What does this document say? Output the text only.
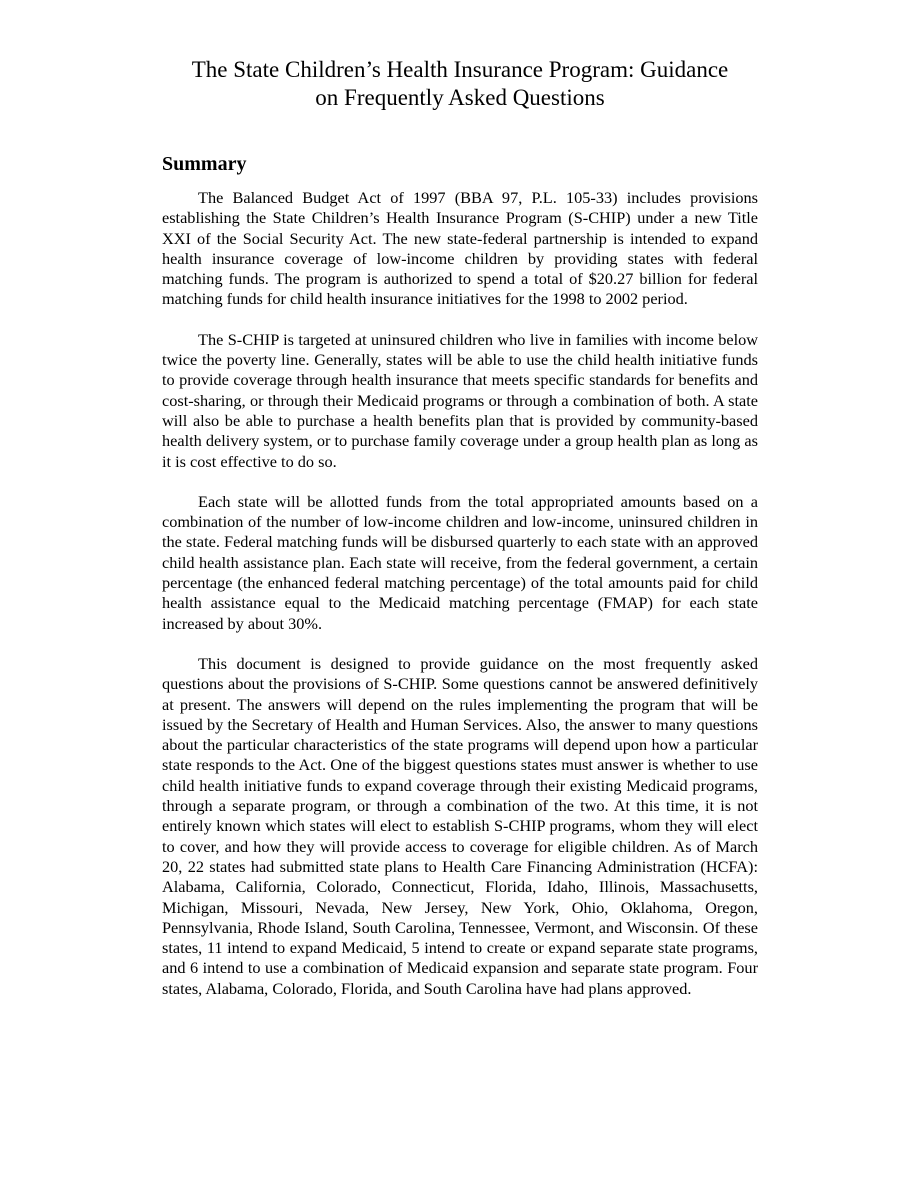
The State Children’s Health Insurance Program: Guidance
on Frequently Asked Questions
Summary

The Balanced Budget Act of 1997 (BBA 97, P.L. 105-33) includes provisions establishing the State Children’s Health Insurance Program (S-CHIP) under a new Title XXI of the Social Security Act. The new state-federal partnership is intended to expand health insurance coverage of low-income children by providing states with federal matching funds. The program is authorized to spend a total of $20.27 billion for federal matching funds for child health insurance initiatives for the 1998 to 2002 period.

The S-CHIP is targeted at uninsured children who live in families with income below twice the poverty line. Generally, states will be able to use the child health initiative funds to provide coverage through health insurance that meets specific standards for benefits and cost-sharing, or through their Medicaid programs or through a combination of both. A state will also be able to purchase a health benefits plan that is provided by community-based health delivery system, or to purchase family coverage under a group health plan as long as it is cost effective to do so.

Each state will be allotted funds from the total appropriated amounts based on a combination of the number of low-income children and low-income, uninsured children in the state. Federal matching funds will be disbursed quarterly to each state with an approved child health assistance plan. Each state will receive, from the federal government, a certain percentage (the enhanced federal matching percentage) of the total amounts paid for child health assistance equal to the Medicaid matching percentage (FMAP) for each state increased by about 30%.

This document is designed to provide guidance on the most frequently asked questions about the provisions of S-CHIP. Some questions cannot be answered definitively at present. The answers will depend on the rules implementing the program that will be issued by the Secretary of Health and Human Services. Also, the answer to many questions about the particular characteristics of the state programs will depend upon how a particular state responds to the Act. One of the biggest questions states must answer is whether to use child health initiative funds to expand coverage through their existing Medicaid programs, through a separate program, or through a combination of the two. At this time, it is not entirely known which states will elect to establish S-CHIP programs, whom they will elect to cover, and how they will provide access to coverage for eligible children. As of March 20, 22 states had submitted state plans to Health Care Financing Administration (HCFA): Alabama, California, Colorado, Connecticut, Florida, Idaho, Illinois, Massachusetts, Michigan, Missouri, Nevada, New Jersey, New York, Ohio, Oklahoma, Oregon, Pennsylvania, Rhode Island, South Carolina, Tennessee, Vermont, and Wisconsin. Of these states, 11 intend to expand Medicaid, 5 intend to create or expand separate state programs, and 6 intend to use a combination of Medicaid expansion and separate state program. Four states, Alabama, Colorado, Florida, and South Carolina have had plans approved.
